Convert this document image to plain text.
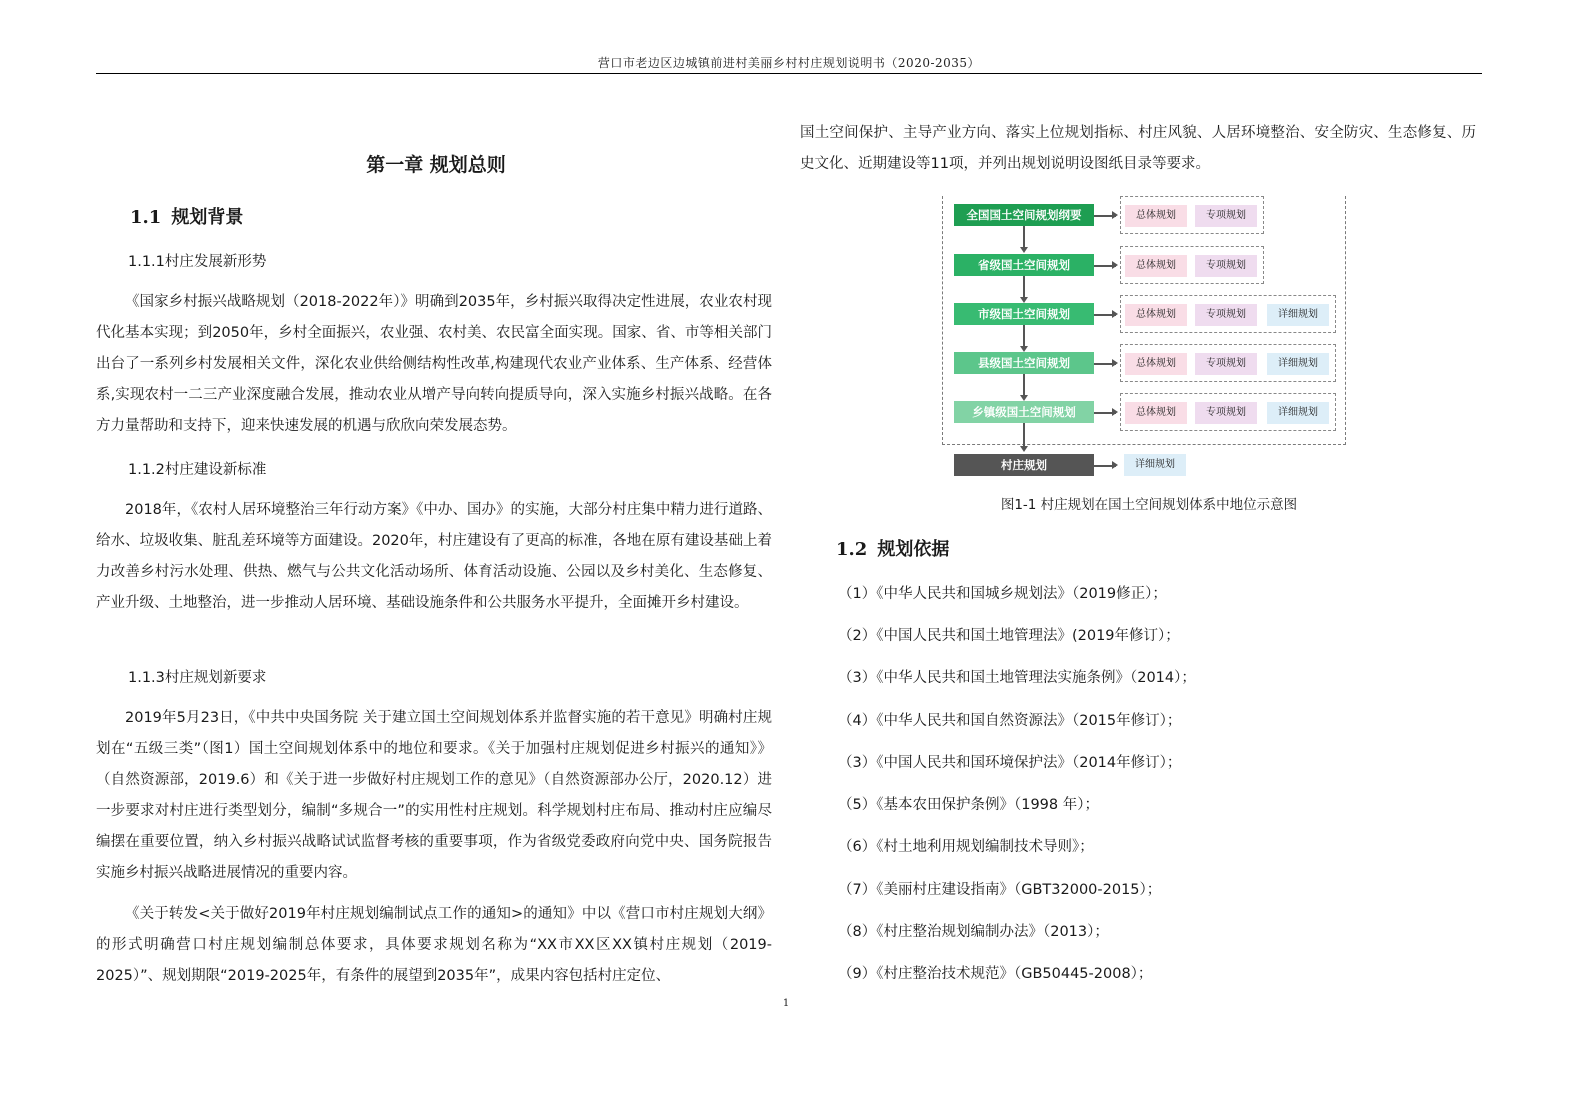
营口市老边区边城镇前进村美丽乡村村庄规划说明书（2020-2035）
第一章 规划总则
1.1 规划背景
1.1.1村庄发展新形势

《国家乡村振兴战略规划（2018-2022年）》明确到2035年，乡村振兴取得决定性进展，农业农村现代化基本实现；到2050年，乡村全面振兴，农业强、农村美、农民富全面实现。国家、省、市等相关部门出台了一系列乡村发展相关文件，深化农业供给侧结构性改革,构建现代农业产业体系、生产体系、经营体系,实现农村一二三产业深度融合发展，推动农业从增产导向转向提质导向，深入实施乡村振兴战略。在各方力量帮助和支持下，迎来快速发展的机遇与欣欣向荣发展态势。

1.1.2村庄建设新标准

2018年，《农村人居环境整治三年行动方案》《中办、国办》的实施，大部分村庄集中精力进行道路、给水、垃圾收集、脏乱差环境等方面建设。2020年，村庄建设有了更高的标准，各地在原有建设基础上着力改善乡村污水处理、供热、燃气与公共文化活动场所、体育活动设施、公园以及乡村美化、生态修复、产业升级、土地整治，进一步推动人居环境、基础设施条件和公共服务水平提升，全面摊开乡村建设。

1.1.3村庄规划新要求

2019年5月23日，《中共中央国务院 关于建立国土空间规划体系并监督实施的若干意见》明确村庄规划在“五级三类”（图1）国土空间规划体系中的地位和要求。《关于加强村庄规划促进乡村振兴的通知》》（自然资源部，2019.6）和《关于进一步做好村庄规划工作的意见》（自然资源部办公厅，2020.12）进一步要求对村庄进行类型划分，编制“多规合一”的实用性村庄规划。科学规划村庄布局、推动村庄应编尽编摆在重要位置，纳入乡村振兴战略试试监督考核的重要事项，作为省级党委政府向党中央、国务院报告实施乡村振兴战略进展情况的重要内容。

《关于转发<关于做好2019年村庄规划编制试点工作的通知>的通知》中以《营口市村庄规划大纲》的形式明确营口村庄规划编制总体要求，具体要求规划名称为“XX市XX区XX镇村庄规划（2019-2025）”、规划期限“2019-2025年，有条件的展望到2035年”，成果内容包括村庄定位、

国土空间保护、主导产业方向、落实上位规划指标、村庄风貌、人居环境整治、安全防灾、生态修复、历史文化、近期建设等11项，并列出规划说明设图纸目录等要求。

全国国土空间规划纲要	总体规划	专项规划
省级国土空间规划	总体规划	专项规划
市级国土空间规划	总体规划	专项规划	详细规划
县级国土空间规划	总体规划	专项规划	详细规划
乡镇级国土空间规划	总体规划	专项规划	详细规划
村庄规划	详细规划
图1-1 村庄规划在国土空间规划体系中地位示意图
1.2 规划依据
（1）《中华人民共和国城乡规划法》（2019修正）；
（2）《中国人民共和国土地管理法》(2019年修订）；
（3）《中华人民共和国土地管理法实施条例》（2014）；
（4）《中华人民共和国自然资源法》（2015年修订）；
（3）《中国人民共和国环境保护法》（2014年修订）；
（5）《基本农田保护条例》（1998 年）；
（6）《村土地利用规划编制技术导则》；
（7）《美丽村庄建设指南》（GBT32000-2015）；
（8）《村庄整治规划编制办法》（2013）；
（9）《村庄整治技术规范》（GB50445-2008）；
1
